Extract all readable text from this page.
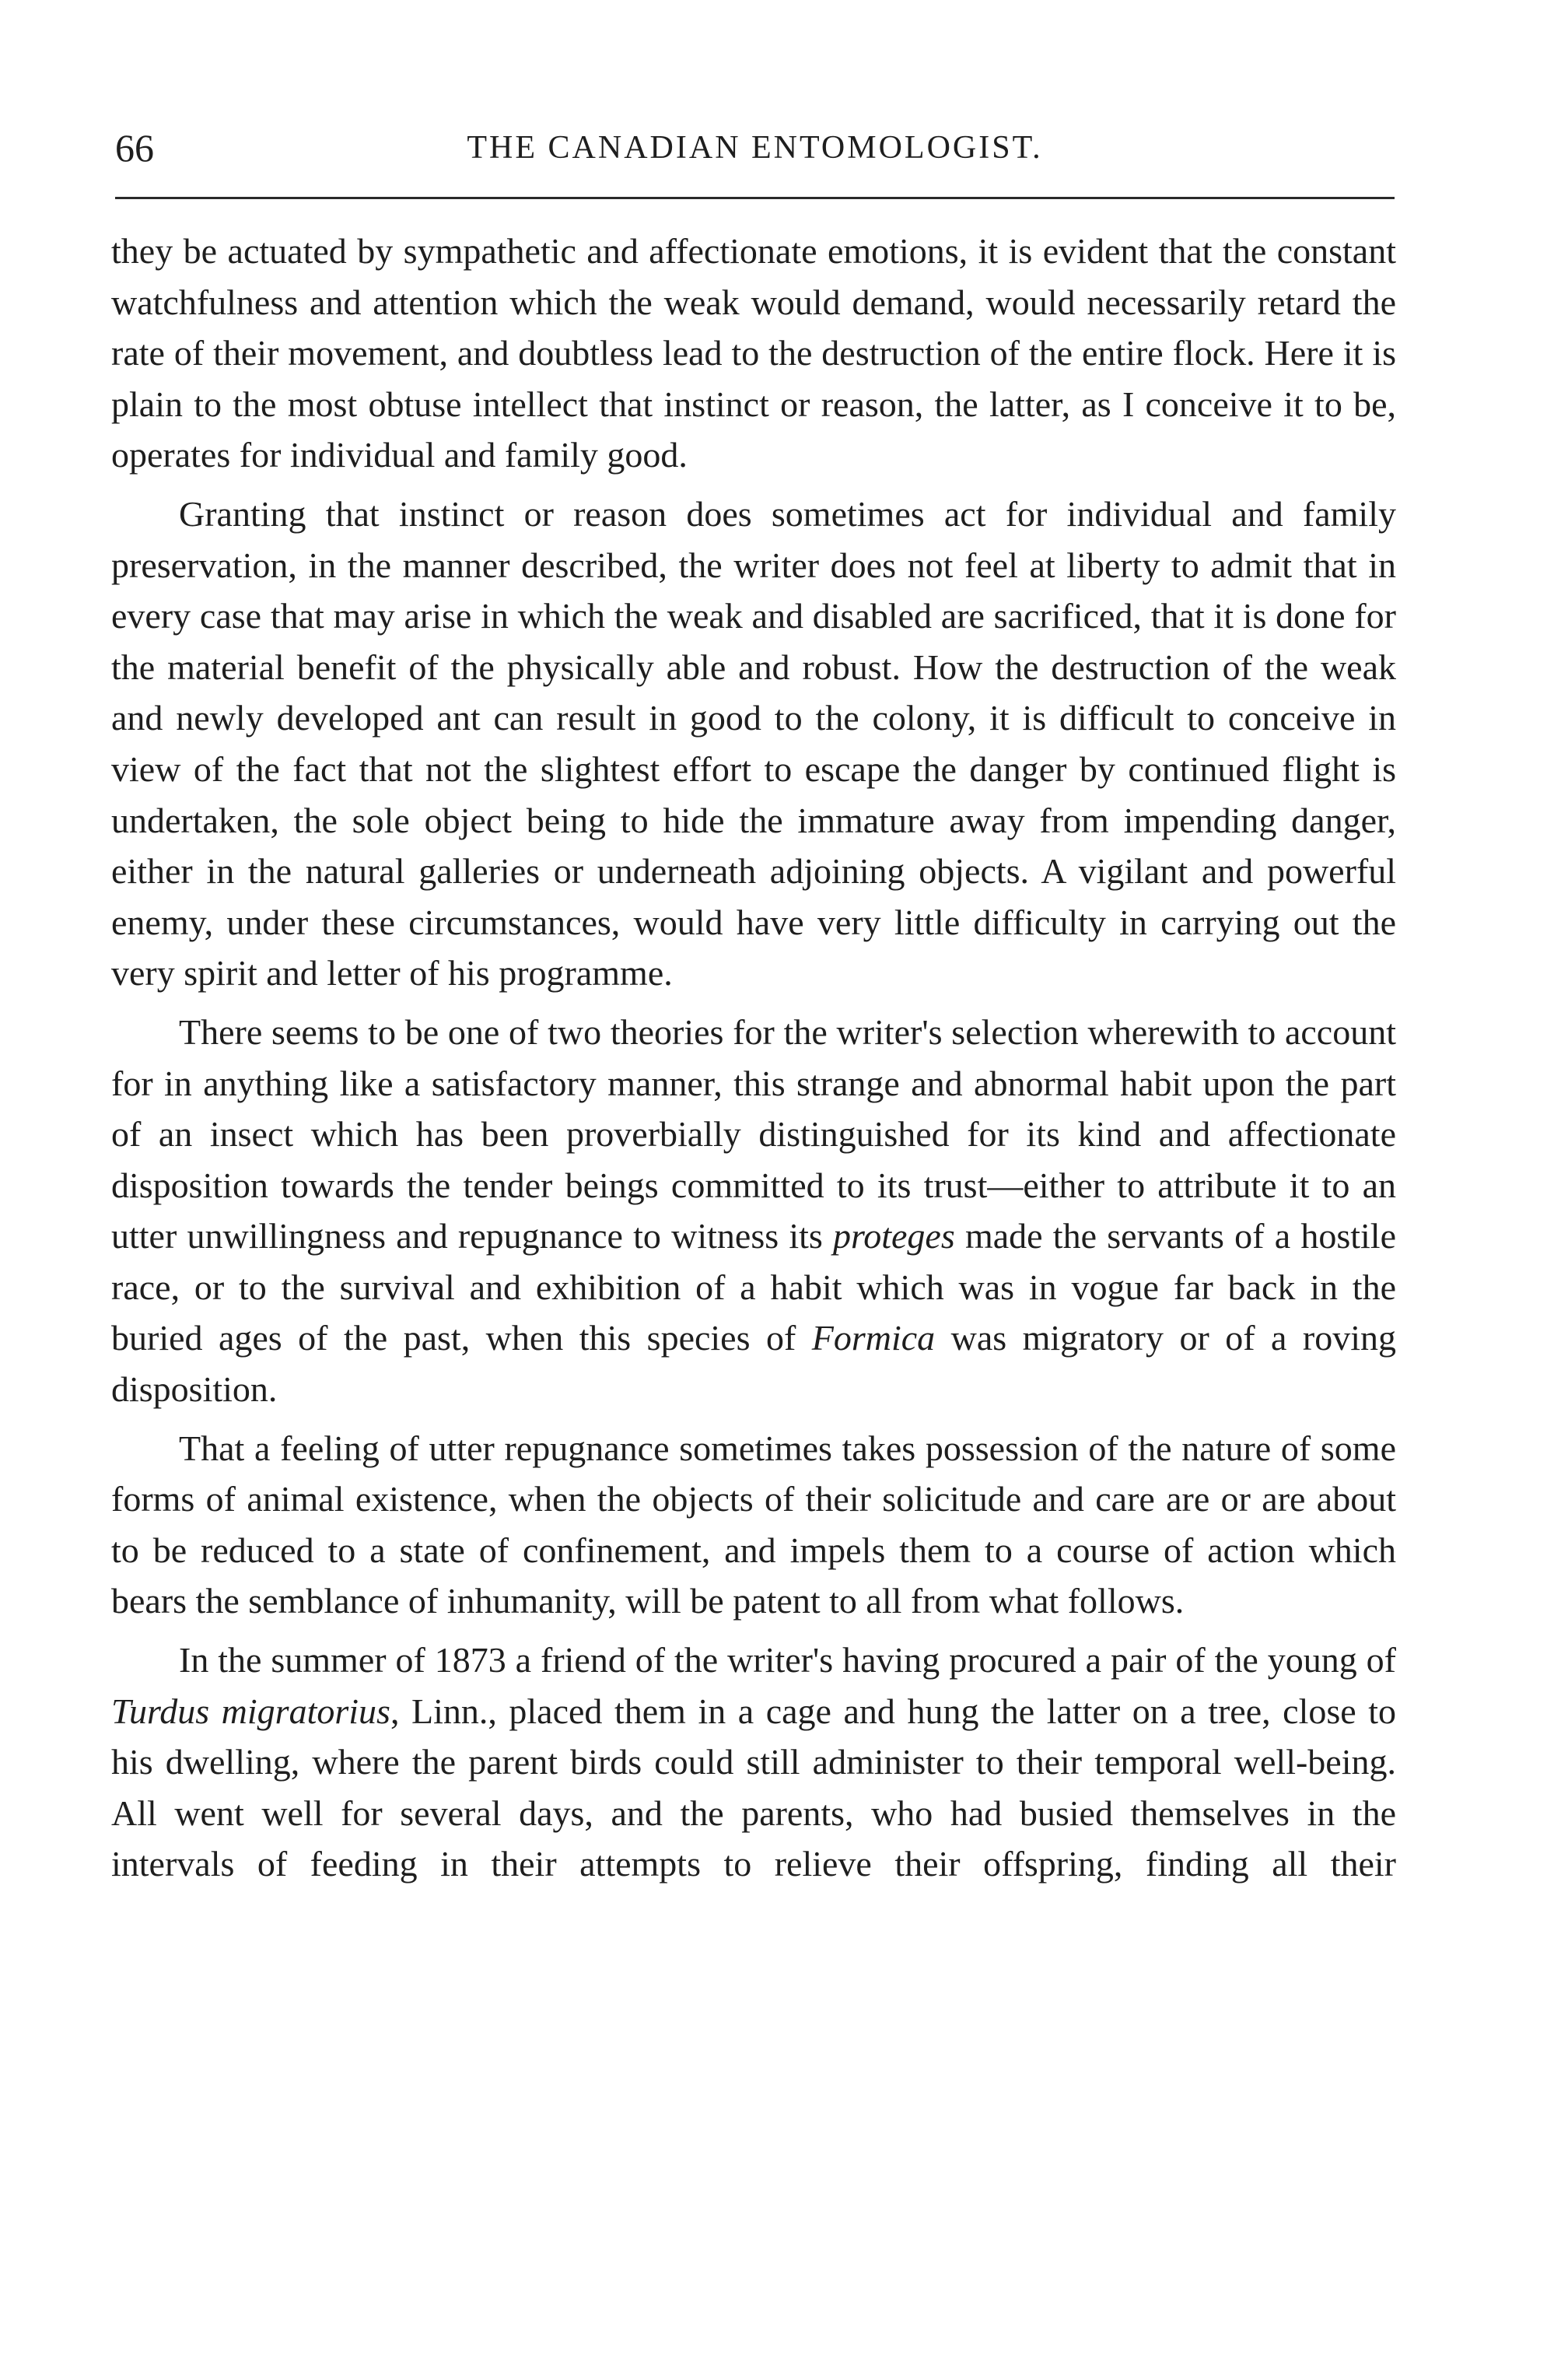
66	THE CANADIAN ENTOMOLOGIST.

they be actuated by sympathetic and affectionate emotions, it is evident that the constant watchfulness and attention which the weak would demand, would necessarily retard the rate of their movement, and doubtless lead to the destruction of the entire flock. Here it is plain to the most obtuse intellect that instinct or reason, the latter, as I conceive it to be, operates for individual and family good.

Granting that instinct or reason does sometimes act for individual and family preservation, in the manner described, the writer does not feel at liberty to admit that in every case that may arise in which the weak and disabled are sacrificed, that it is done for the material benefit of the physically able and robust. How the destruction of the weak and newly developed ant can result in good to the colony, it is difficult to conceive in view of the fact that not the slightest effort to escape the danger by continued flight is undertaken, the sole object being to hide the immature away from impending danger, either in the natural galleries or underneath adjoining objects. A vigilant and powerful enemy, under these circumstances, would have very little difficulty in carrying out the very spirit and letter of his programme.

There seems to be one of two theories for the writer's selection wherewith to account for in anything like a satisfactory manner, this strange and abnormal habit upon the part of an insect which has been proverbially distinguished for its kind and affectionate disposition towards the tender beings committed to its trust—either to attribute it to an utter unwillingness and repugnance to witness its proteges made the servants of a hostile race, or to the survival and exhibition of a habit which was in vogue far back in the buried ages of the past, when this species of Formica was migratory or of a roving disposition.

That a feeling of utter repugnance sometimes takes possession of the nature of some forms of animal existence, when the objects of their solicitude and care are or are about to be reduced to a state of confinement, and impels them to a course of action which bears the semblance of inhumanity, will be patent to all from what follows.

In the summer of 1873 a friend of the writer's having procured a pair of the young of Turdus migratorius, Linn., placed them in a cage and hung the latter on a tree, close to his dwelling, where the parent birds could still administer to their temporal well-being. All went well for several days, and the parents, who had busied themselves in the intervals of feeding in their attempts to relieve their offspring, finding all their
